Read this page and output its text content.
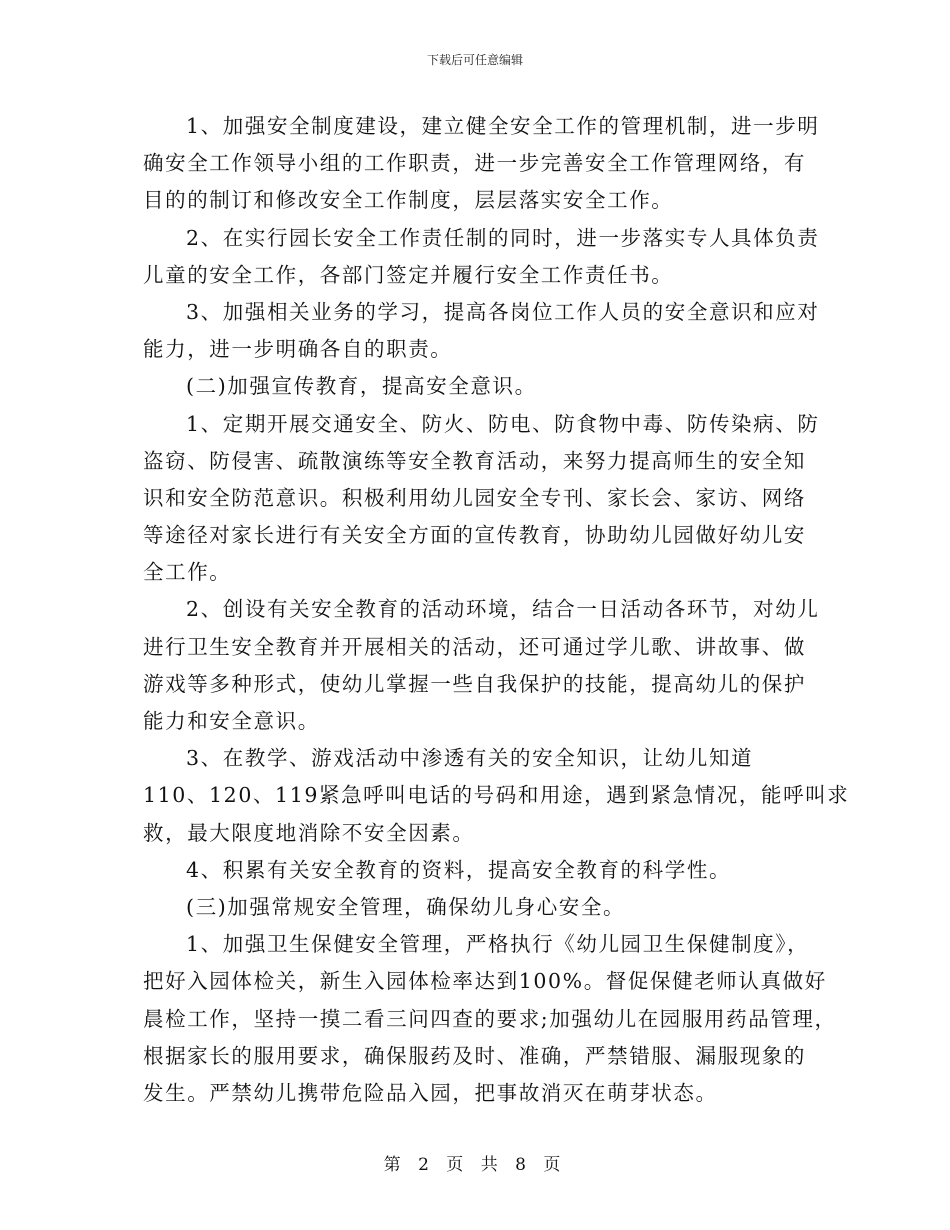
下载后可任意编辑
1、加强安全制度建设，建立健全安全工作的管理机制，进一步明
确安全工作领导小组的工作职责，进一步完善安全工作管理网络，有
目的的制订和修改安全工作制度，层层落实安全工作。
2、在实行园长安全工作责任制的同时，进一步落实专人具体负责
儿童的安全工作，各部门签定并履行安全工作责任书。
3、加强相关业务的学习，提高各岗位工作人员的安全意识和应对
能力，进一步明确各自的职责。
(二)加强宣传教育，提高安全意识。
1、定期开展交通安全、防火、防电、防食物中毒、防传染病、防
盗窃、防侵害、疏散演练等安全教育活动，来努力提高师生的安全知
识和安全防范意识。积极利用幼儿园安全专刊、家长会、家访、网络
等途径对家长进行有关安全方面的宣传教育，协助幼儿园做好幼儿安
全工作。
2、创设有关安全教育的活动环境，结合一日活动各环节，对幼儿
进行卫生安全教育并开展相关的活动，还可通过学儿歌、讲故事、做
游戏等多种形式，使幼儿掌握一些自我保护的技能，提高幼儿的保护
能力和安全意识。
3、在教学、游戏活动中渗透有关的安全知识，让幼儿知道
110、120、119紧急呼叫电话的号码和用途，遇到紧急情况，能呼叫求
救，最大限度地消除不安全因素。
4、积累有关安全教育的资料，提高安全教育的科学性。
(三)加强常规安全管理，确保幼儿身心安全。
1、加强卫生保健安全管理，严格执行《幼儿园卫生保健制度》，
把好入园体检关，新生入园体检率达到100%。督促保健老师认真做好
晨检工作，坚持一摸二看三问四查的要求;加强幼儿在园服用药品管理，
根据家长的服用要求，确保服药及时、准确，严禁错服、漏服现象的
发生。严禁幼儿携带危险品入园，把事故消灭在萌芽状态。
第 2 页 共 8 页
